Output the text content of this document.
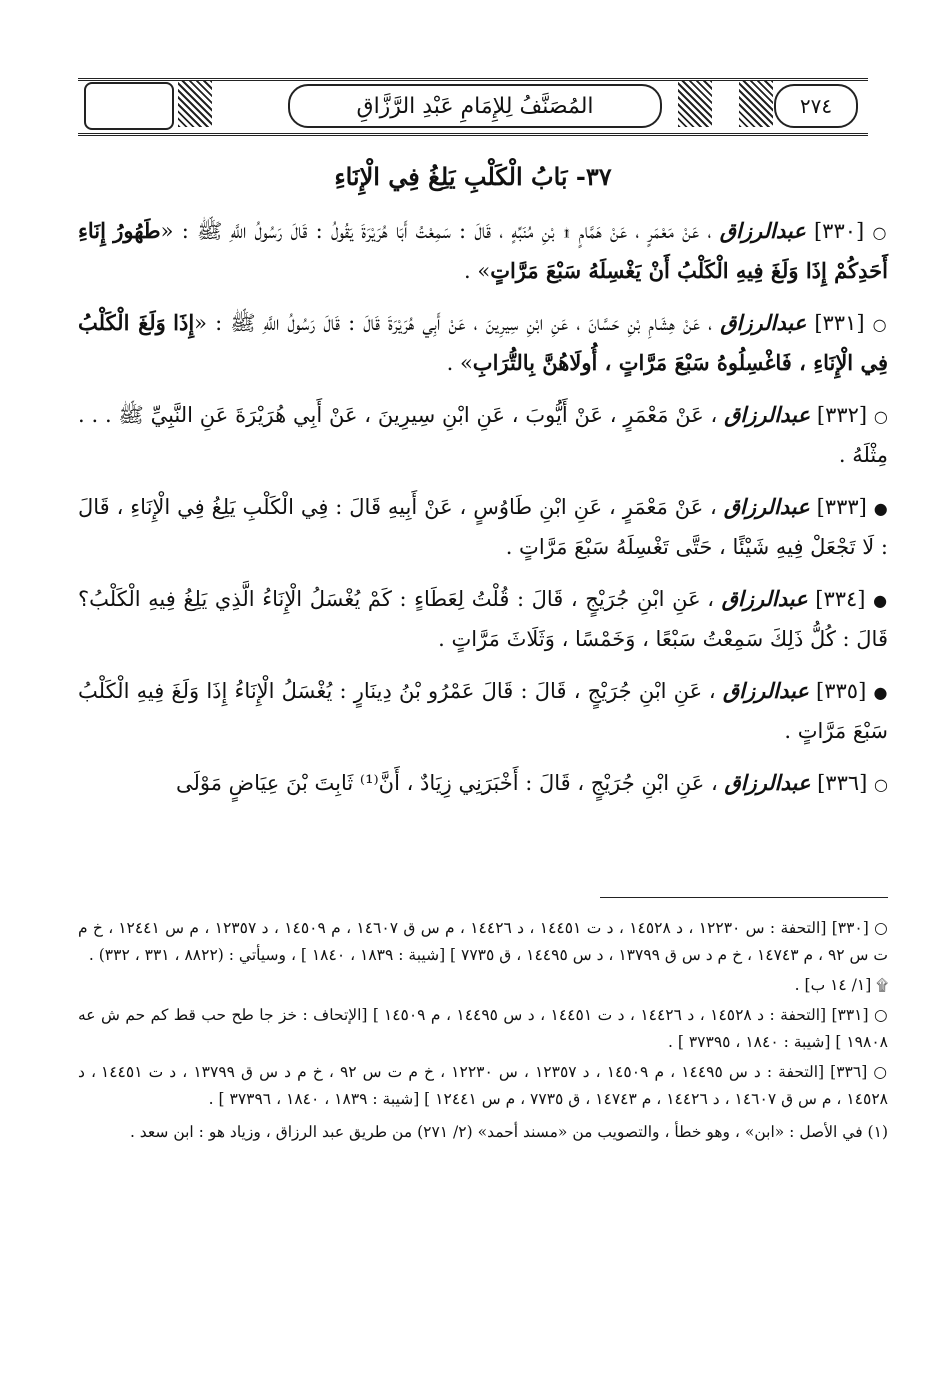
المُصَنَّفُ لِلإِمَامِ عَبْدِ الرَّزَّاقِ	٢٧٤
٣٧- بَابُ الْكَلْبِ يَلِغُ فِي الْإِنَاءِ

○ [٣٣٠] عبدالرزاق ، عَنْ مَعْمَرٍ ، عَنْ هَمَّامٍ ۩ بْنِ مُنَبِّهٍ ، قَالَ : سَمِعْتُ أَبَا هُرَيْرَةَ يَقُولُ : قَالَ رَسُولُ اللَّهِ ﷺ : «طَهُورُ إِنَاءِ أَحَدِكُمْ إِذَا وَلَغَ فِيهِ الْكَلْبُ أَنْ يَغْسِلَهُ سَبْعَ مَرَّاتٍ» .

○ [٣٣١] عبدالرزاق ، عَنْ هِشَامِ بْنِ حَسَّانَ ، عَنِ ابْنِ سِيرِينَ ، عَنْ أَبِي هُرَيْرَةَ قَالَ : قَالَ رَسُولُ اللَّهِ ﷺ : «إِذَا وَلَغَ الْكَلْبُ فِي الْإِنَاءِ ، فَاغْسِلُوهُ سَبْعَ مَرَّاتٍ ، أُولَاهُنَّ بِالتُّرَابِ» .

○ [٣٣٢] عبدالرزاق ، عَنْ مَعْمَرٍ ، عَنْ أَيُّوبَ ، عَنِ ابْنِ سِيرِينَ ، عَنْ أَبِي هُرَيْرَةَ عَنِ النَّبِيِّ ﷺ . . . مِثْلَهُ .

● [٣٣٣] عبدالرزاق ، عَنْ مَعْمَرٍ ، عَنِ ابْنِ طَاوُسٍ ، عَنْ أَبِيهِ قَالَ : فِي الْكَلْبِ يَلِغُ فِي الْإِنَاءِ ، قَالَ : لَا تَجْعَلْ فِيهِ شَيْئًا ، حَتَّى تَغْسِلَهُ سَبْعَ مَرَّاتٍ .

● [٣٣٤] عبدالرزاق ، عَنِ ابْنِ جُرَيْجٍ ، قَالَ : قُلْتُ لِعَطَاءٍ : كَمْ يُغْسَلُ الْإِنَاءُ الَّذِي يَلِغُ فِيهِ الْكَلْبُ؟ قَالَ : كُلُّ ذَلِكَ سَمِعْتُ سَبْعًا ، وَخَمْسًا ، وَثَلَاثَ مَرَّاتٍ .

● [٣٣٥] عبدالرزاق ، عَنِ ابْنِ جُرَيْجٍ ، قَالَ : قَالَ عَمْرُو بْنُ دِينَارٍ : يُغْسَلُ الْإِنَاءُ إِذَا وَلَغَ فِيهِ الْكَلْبُ سَبْعَ مَرَّاتٍ .

○ [٣٣٦] عبدالرزاق ، عَنِ ابْنِ جُرَيْجٍ ، قَالَ : أَخْبَرَنِي زِيَادٌ ، أَنَّ⁽¹⁾ ثَابِتَ بْنَ عِيَاضٍ مَوْلَى

○ [٣٣٠] [التحفة : س ١٢٢٣٠ ، د ١٤٥٢٨ ، د ت ١٤٤٥١ ، د ١٤٤٢٦ ، م س ق ١٤٦٠٧ ، م ١٤٥٠٩ ، د ١٢٣٥٧ ، م س ١٢٤٤١ ، خ م ت س ٩٢ ، م ١٤٧٤٣ ، خ م د س ق ١٣٧٩٩ ، د س ١٤٤٩٥ ، ق ٧٧٣٥ ] [شيبة : ١٨٣٩ ، ١٨٤٠ ] ، وسيأتي : (٨٨٢٢ ، ٣٣١ ، ٣٣٢) .

۩ [١/ ١٤ ب] .

○ [٣٣١] [التحفة : د ١٤٥٢٨ ، د ١٤٤٢٦ ، د ت ١٤٤٥١ ، د س ١٤٤٩٥ ، م ١٤٥٠٩ ] [الإتحاف : خز جا طح حب قط كم حم ش عه ١٩٨٠٨ ] [شيبة : ١٨٤٠ ، ٣٧٣٩٥ ] .

○ [٣٣٦] [التحفة : د س ١٤٤٩٥ ، م ١٤٥٠٩ ، د ١٢٣٥٧ ، س ١٢٢٣٠ ، خ م ت س ٩٢ ، خ م د س ق ١٣٧٩٩ ، د ت ١٤٤٥١ ، د ١٤٥٢٨ ، م س ق ١٤٦٠٧ ، د ١٤٤٢٦ ، م ١٤٧٤٣ ، ق ٧٧٣٥ ، م س ١٢٤٤١ ] [شيبة : ١٨٣٩ ، ١٨٤٠ ، ٣٧٣٩٦ ] .

(١) في الأصل : «ابن» ، وهو خطأ ، والتصويب من «مسند أحمد» (٢/ ٢٧١) من طريق عبد الرزاق ، وزياد هو : ابن سعد .
